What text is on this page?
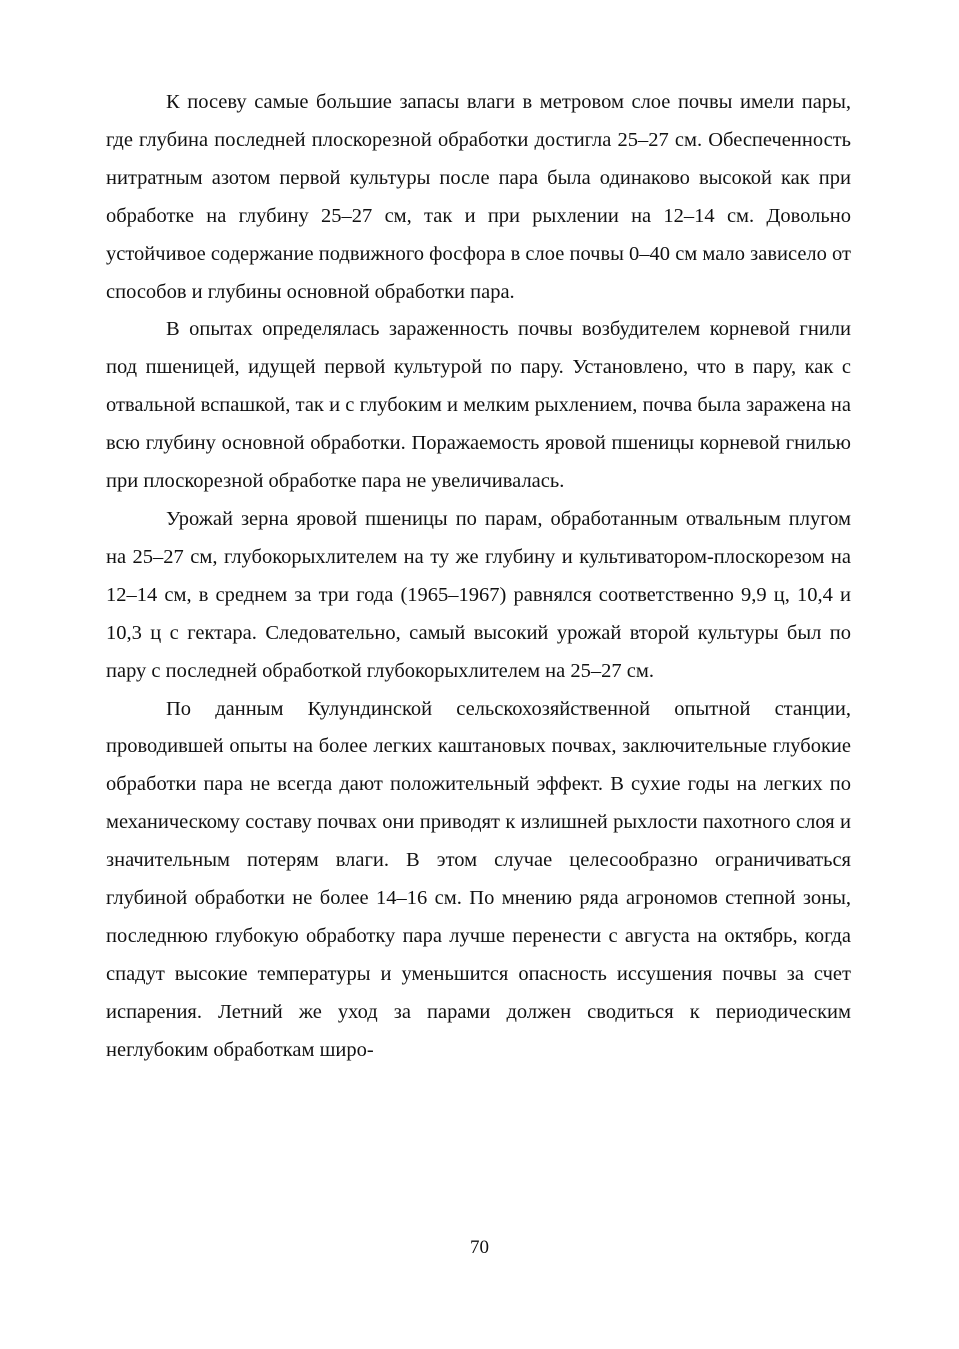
К посеву самые большие запасы влаги в метровом слое почвы имели пары, где глубина последней плоскорезной обработки достигла 25–27 см. Обеспеченность нитратным азотом первой культуры после пара была одинаково высокой как при обработке на глубину 25–27 см, так и при рыхлении на 12–14 см. Довольно устойчивое содержание подвижного фосфора в слое почвы 0–40 см мало зависело от способов и глубины основной обработки пара.

В опытах определялась зараженность почвы возбудителем корневой гнили под пшеницей, идущей первой культурой по пару. Установлено, что в пару, как с отвальной вспашкой, так и с глубоким и мелким рыхлением, почва была заражена на всю глубину основной обработки. Поражаемость яровой пшеницы корневой гнилью при плоскорезной обработке пара не увеличивалась.

Урожай зерна яровой пшеницы по парам, обработанным отвальным плугом на 25–27 см, глубокорыхлителем на ту же глубину и культиватором-плоскорезом на 12–14 см, в среднем за три года (1965–1967) равнялся соответственно 9,9 ц, 10,4 и 10,3 ц с гектара. Следовательно, самый высокий урожай второй культуры был по пару с последней обработкой глубокорыхлителем на 25–27 см.

По данным Кулундинской сельскохозяйственной опытной станции, проводившей опыты на более легких каштановых почвах, заключительные глубокие обработки пара не всегда дают положительный эффект. В сухие годы на легких по механическому составу почвах они приводят к излишней рыхлости пахотного слоя и значительным потерям влаги. В этом случае целесообразно ограничиваться глубиной обработки не более 14–16 см. По мнению ряда агрономов степной зоны, последнюю глубокую обработку пара лучше перенести с августа на октябрь, когда спадут высокие температуры и уменьшится опасность иссушения почвы за счет испарения. Летний же уход за парами должен сводиться к периодическим неглубоким обработкам широ-

70
